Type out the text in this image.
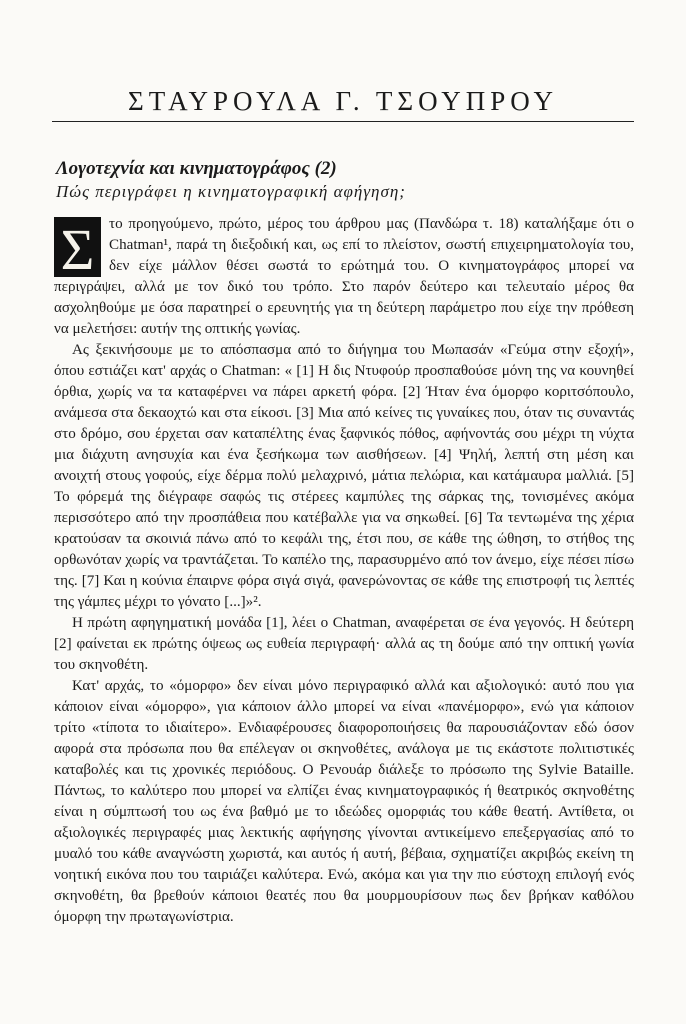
ΣΤΑΥΡΟΥΛΑ Γ. ΤΣΟΥΠΡΟΥ
Λογοτεχνία και κινηματογράφος (2)
Πώς περιγράφει η κινηματογραφική αφήγηση;

Σ το προηγούμενο, πρώτο, μέρος του άρθρου μας (Πανδώρα τ. 18) καταλήξαμε ότι ο Chatman¹, παρά τη διεξοδική και, ως επί το πλείστον, σωστή επιχειρηματολογία του, δεν είχε μάλλον θέσει σωστά το ερώτημά του. Ο κινηματογράφος μπορεί να περιγράψει, αλλά με τον δικό του τρόπο. Στο παρόν δεύτερο και τελευταίο μέρος θα ασχοληθούμε με όσα παρατηρεί ο ερευνητής για τη δεύτερη παράμετρο που είχε την πρόθεση να μελετήσει: αυτήν της οπτικής γωνίας.

Ας ξεκινήσουμε με το απόσπασμα από το διήγημα του Μωπασάν «Γεύμα στην εξοχή», όπου εστιάζει κατ' αρχάς ο Chatman: « [1] Η δις Ντυφούρ προσπαθούσε μόνη της να κουνηθεί όρθια, χωρίς να τα καταφέρνει να πάρει αρκετή φόρα. [2] Ήταν ένα όμορφο κοριτσόπουλο, ανάμεσα στα δεκαοχτώ και στα είκοσι. [3] Μια από κείνες τις γυναίκες που, όταν τις συναντάς στο δρόμο, σου έρχεται σαν καταπέλτης ένας ξαφνικός πόθος, αφήνοντάς σου μέχρι τη νύχτα μια διάχυτη ανησυχία και ένα ξεσήκωμα των αισθήσεων. [4] Ψηλή, λεπτή στη μέση και ανοιχτή στους γοφούς, είχε δέρμα πολύ μελαχρινό, μάτια πελώρια, και κατάμαυρα μαλλιά. [5] Το φόρεμά της διέγραφε σαφώς τις στέρεες καμπύλες της σάρκας της, τονισμένες ακόμα περισσότερο από την προσπάθεια που κατέβαλλε για να σηκωθεί. [6] Τα τεντωμένα της χέρια κρατούσαν τα σκοινιά πάνω από το κεφάλι της, έτσι που, σε κάθε της ώθηση, το στήθος της ορθωνόταν χωρίς να τραντάζεται. Το καπέλο της, παρασυρμένο από τον άνεμο, είχε πέσει πίσω της. [7] Και η κούνια έπαιρνε φόρα σιγά σιγά, φανερώνοντας σε κάθε της επιστροφή τις λεπτές της γάμπες μέχρι το γόνατο [...]»².

Η πρώτη αφηγηματική μονάδα [1], λέει ο Chatman, αναφέρεται σε ένα γεγονός. Η δεύτερη [2] φαίνεται εκ πρώτης όψεως ως ευθεία περιγραφή· αλλά ας τη δούμε από την οπτική γωνία του σκηνοθέτη.

Κατ' αρχάς, το «όμορφο» δεν είναι μόνο περιγραφικό αλλά και αξιολογικό: αυτό που για κάποιον είναι «όμορφο», για κάποιον άλλο μπορεί να είναι «πανέμορφο», ενώ για κάποιον τρίτο «τίποτα το ιδιαίτερο». Ενδιαφέρουσες διαφοροποιήσεις θα παρουσιάζονταν εδώ όσον αφορά στα πρόσωπα που θα επέλεγαν οι σκηνοθέτες, ανάλογα με τις εκάστοτε πολιτιστικές καταβολές και τις χρονικές περιόδους. Ο Ρενουάρ διάλεξε το πρόσωπο της Sylvie Bataille. Πάντως, το καλύτερο που μπορεί να ελπίζει ένας κινηματογραφικός ή θεατρικός σκηνοθέτης είναι η σύμπτωσή του ως ένα βαθμό με το ιδεώδες ομορφιάς του κάθε θεατή. Αντίθετα, οι αξιολογικές περιγραφές μιας λεκτικής αφήγησης γίνονται αντικείμενο επεξεργασίας από το μυαλό του κάθε αναγνώστη χωριστά, και αυτός ή αυτή, βέβαια, σχηματίζει ακριβώς εκείνη τη νοητική εικόνα που του ταιριάζει καλύτερα. Ενώ, ακόμα και για την πιο εύστοχη επιλογή ενός σκηνοθέτη, θα βρεθούν κάποιοι θεατές που θα μουρμουρίσουν πως δεν βρήκαν καθόλου όμορφη την πρωταγωνίστρια.
